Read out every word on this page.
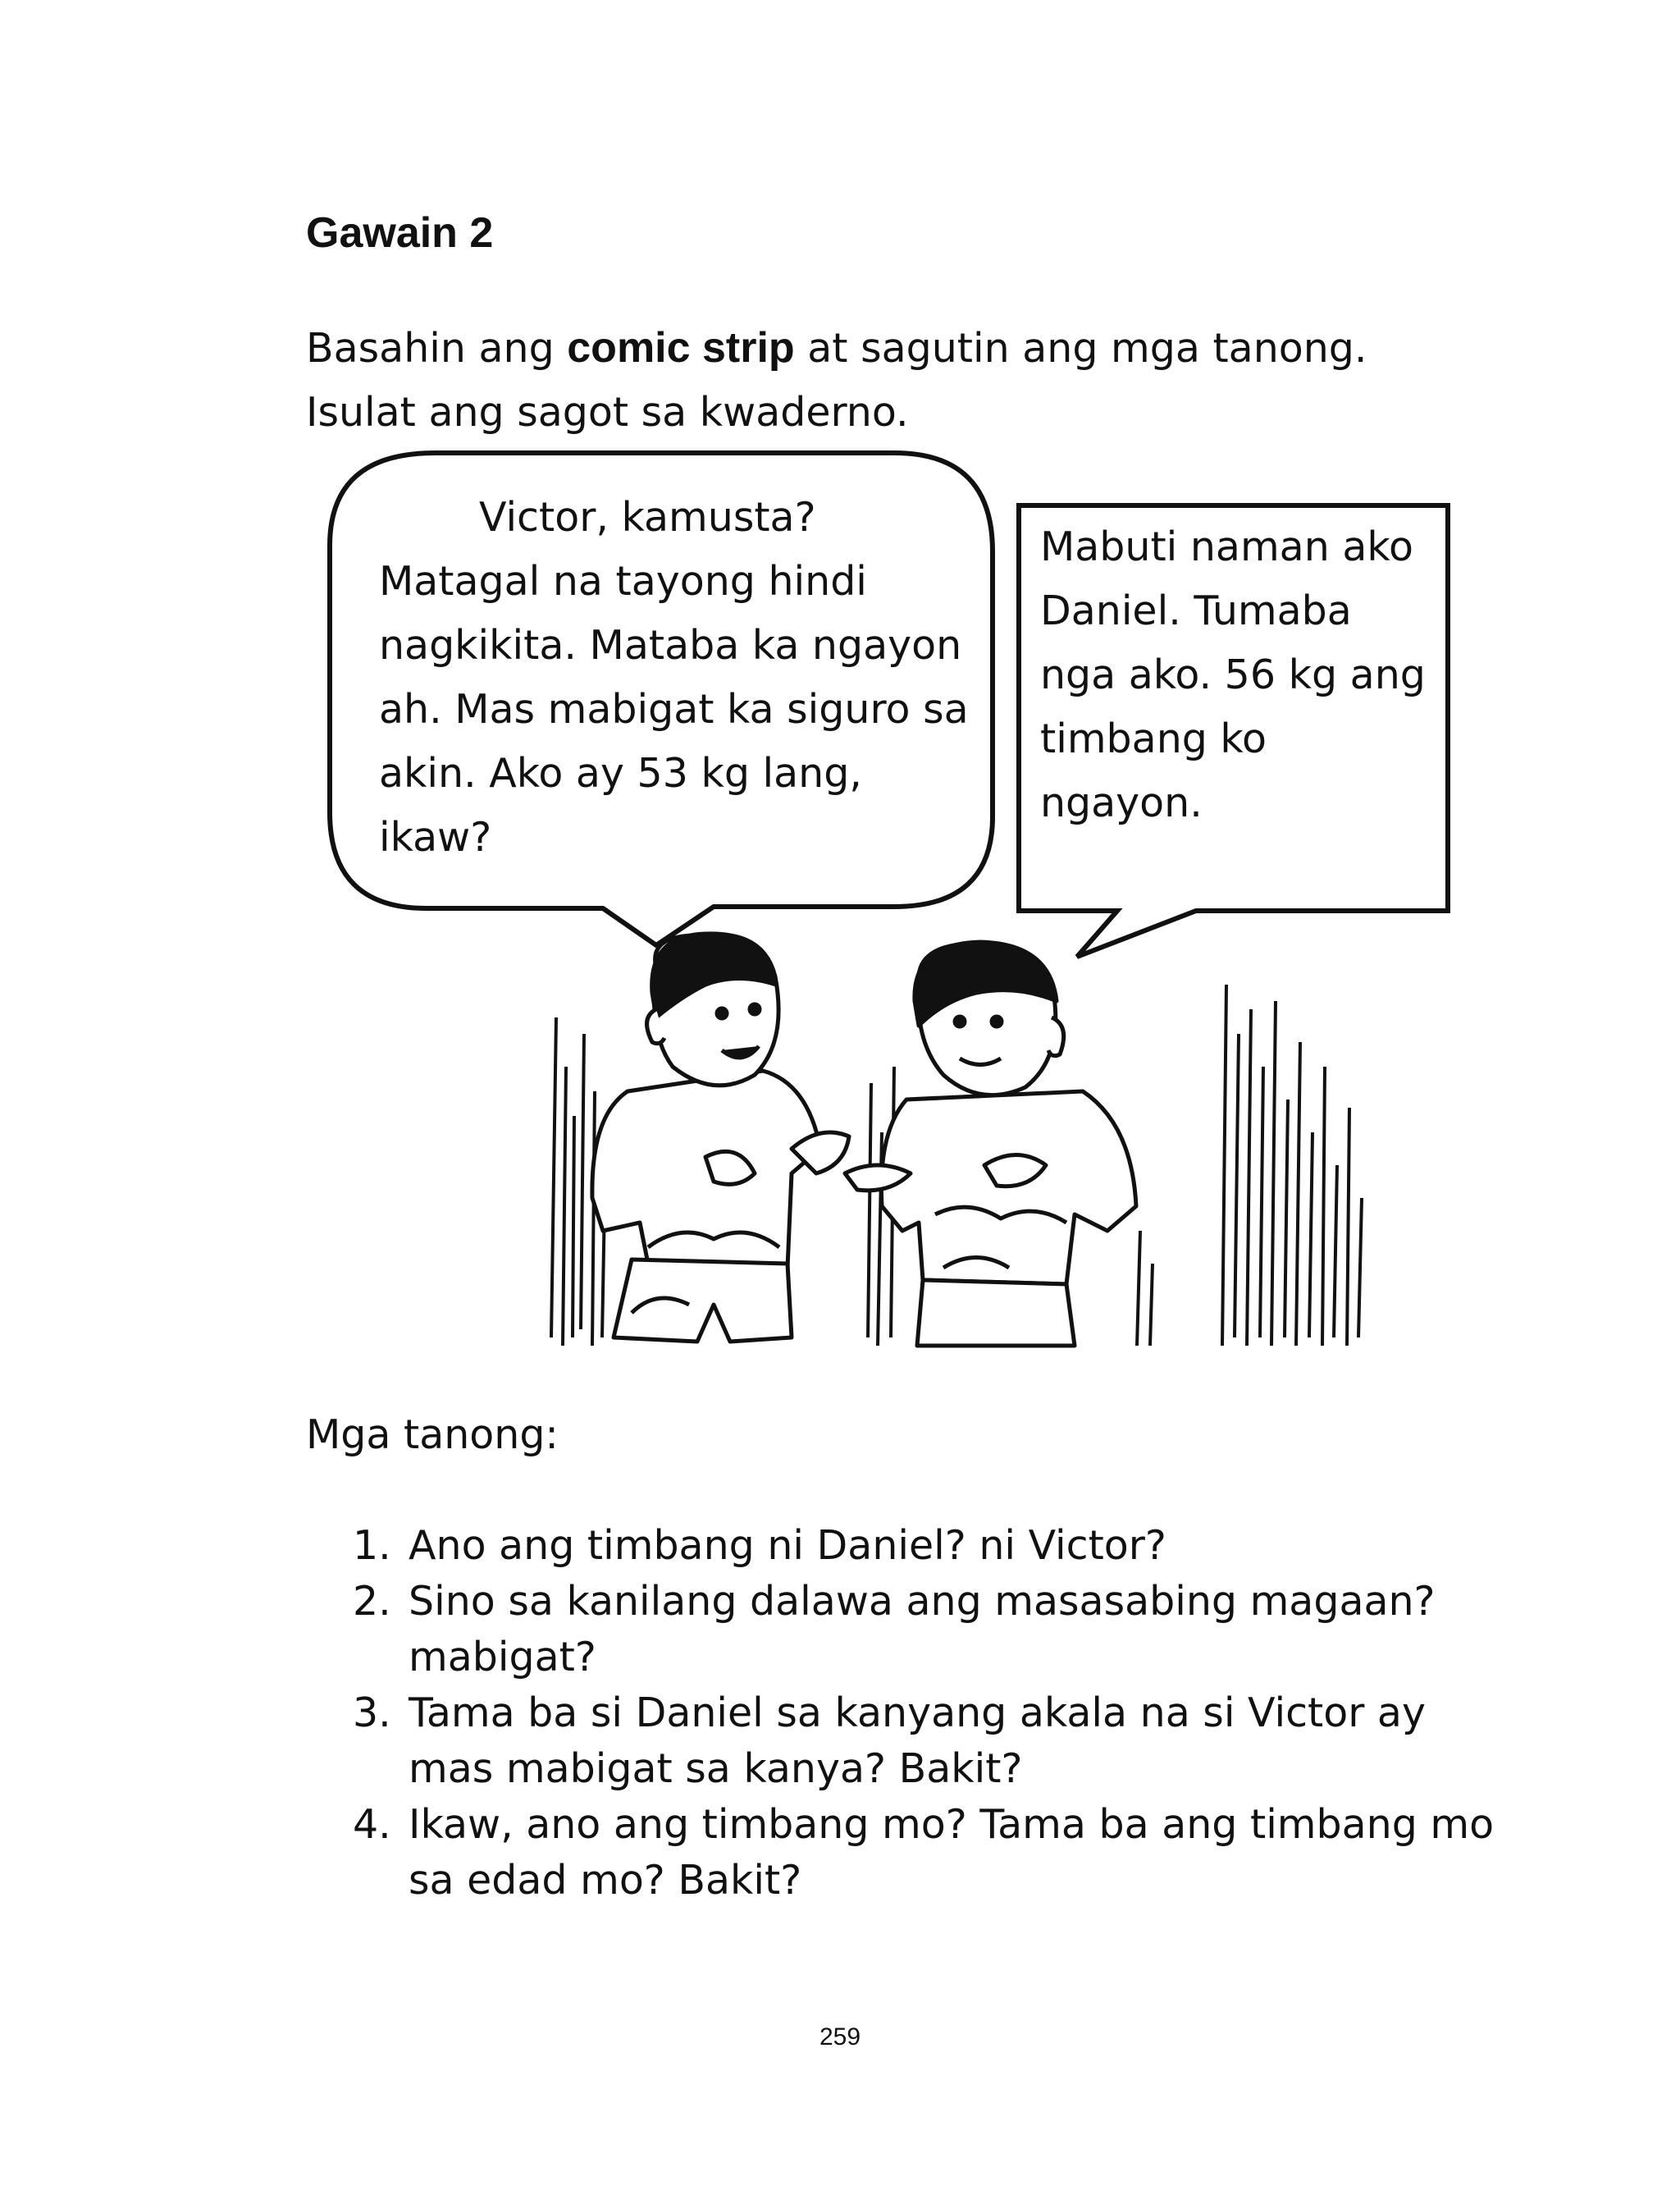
Gawain 2

Basahin ang comic strip at sagutin ang mga tanong.
Isulat ang sagot sa kwaderno.

Victor, kamusta?
Matagal na tayong hindi nagkikita. Mataba ka ngayon ah. Mas mabigat ka siguro sa akin. Ako ay 53 kg lang, ikaw?

Mabuti naman ako Daniel. Tumaba nga ako. 56 kg ang timbang ko ngayon.

Mga tanong:

1. Ano ang timbang ni Daniel? ni Victor?
2. Sino sa kanilang dalawa ang masasabing magaan? mabigat?
3. Tama ba si Daniel sa kanyang akala na si Victor ay mas mabigat sa kanya? Bakit?
4. Ikaw, ano ang timbang mo? Tama ba ang timbang mo sa edad mo? Bakit?

259
